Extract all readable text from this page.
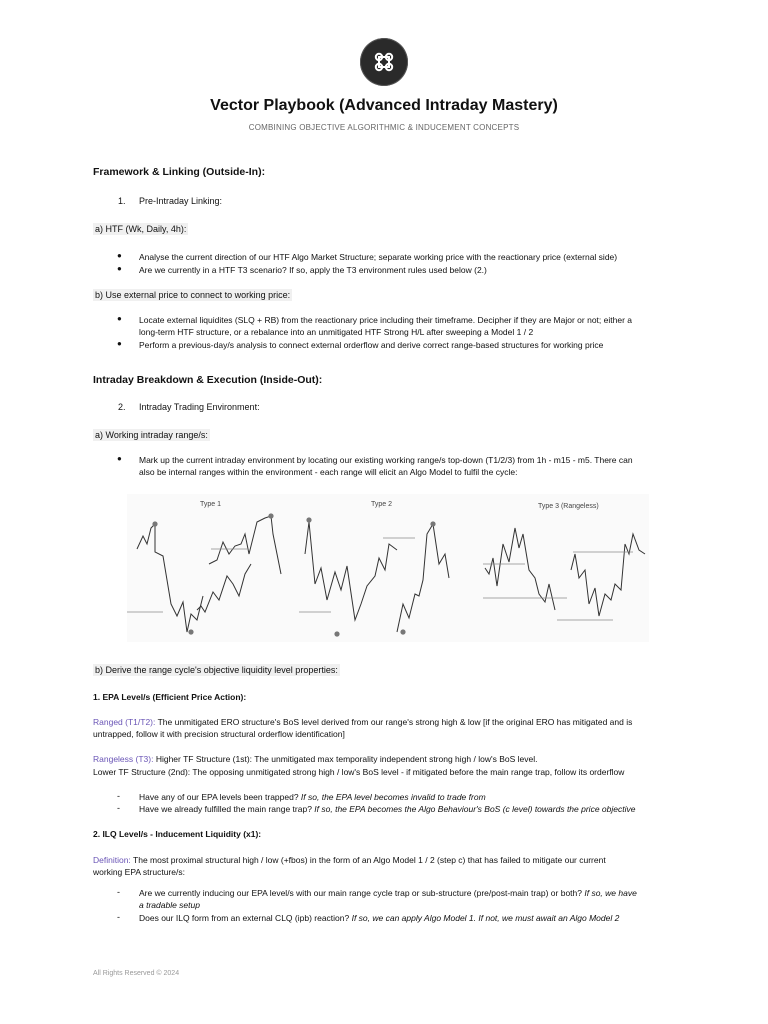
Vector Playbook (Advanced Intraday Mastery)
COMBINING OBJECTIVE ALGORITHMIC & INDUCEMENT CONCEPTS
Framework & Linking (Outside-In):
1. Pre-Intraday Linking:
a) HTF (Wk, Daily, 4h):
● Analyse the current direction of our HTF Algo Market Structure; separate working price with the reactionary price (external side)
● Are we currently in a HTF T3 scenario? If so, apply the T3 environment rules used below (2.)
b) Use external price to connect to working price:
● Locate external liquidites (SLQ + RB) from the reactionary price including their timeframe. Decipher if they are Major or not; either a
long-term HTF structure, or a rebalance into an unmitigated HTF Strong H/L after sweeping a Model 1 / 2
● Perform a previous-day/s analysis to connect external orderflow and derive correct range-based structures for working price
Intraday Breakdown & Execution (Inside-Out):
2. Intraday Trading Environment:
a) Working intraday range/s:
● Mark up the current intraday environment by locating our existing working range/s top-down (T1/2/3) from 1h - m15 - m5. There can
also be internal ranges within the environment - each range will elicit an Algo Model to fulfil the cycle:
Type 1	Type 2	Type 3 (Rangeless)
b) Derive the range cycle's objective liquidity level properties:
1. EPA Level/s (Efficient Price Action):
Ranged (T1/T2): The unmitigated ERO structure's BoS level derived from our range's strong high & low [if the original ERO has mitigated and is
untrapped, follow it with precision structural orderflow identification]
Rangeless (T3): Higher TF Structure (1st): The unmitigated max temporality independent strong high / low's BoS level.
Lower TF Structure (2nd): The opposing unmitigated strong high / low's BoS level - if mitigated before the main range trap, follow its orderflow
- Have any of our EPA levels been trapped? If so, the EPA level becomes invalid to trade from
- Have we already fulfilled the main range trap? If so, the EPA becomes the Algo Behaviour's BoS (c level) towards the price objective
2. ILQ Level/s - Inducement Liquidity (x1):
Definition: The most proximal structural high / low (+fbos) in the form of an Algo Model 1 / 2 (step c) that has failed to mitigate our current
working EPA structure/s:
- Are we currently inducing our EPA level/s with our main range cycle trap or sub-structure (pre/post-main trap) or both? If so, we have
a tradable setup
- Does our ILQ form from an external CLQ (ipb) reaction? If so, we can apply Algo Model 1. If not, we must await an Algo Model 2
All Rights Reserved © 2024
